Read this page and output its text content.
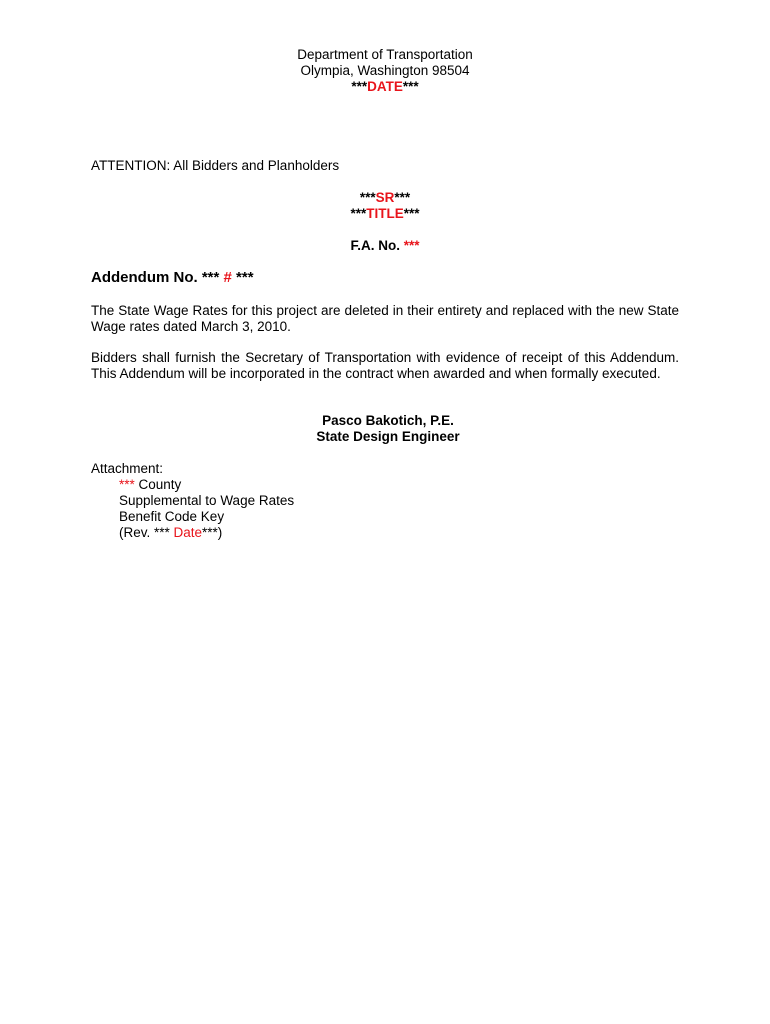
Department of Transportation
Olympia, Washington 98504
***DATE***
ATTENTION: All Bidders and Planholders
***SR***
***TITLE***
F.A. No. ***
Addendum No. *** # ***
The State Wage Rates for this project are deleted in their entirety and replaced with the new State Wage rates dated March 3, 2010.
Bidders shall furnish the Secretary of Transportation with evidence of receipt of this Addendum. This Addendum will be incorporated in the contract when awarded and when formally executed.
Pasco Bakotich, P.E.
State Design Engineer
Attachment:
*** County
Supplemental to Wage Rates
Benefit Code Key
(Rev. *** Date***)
